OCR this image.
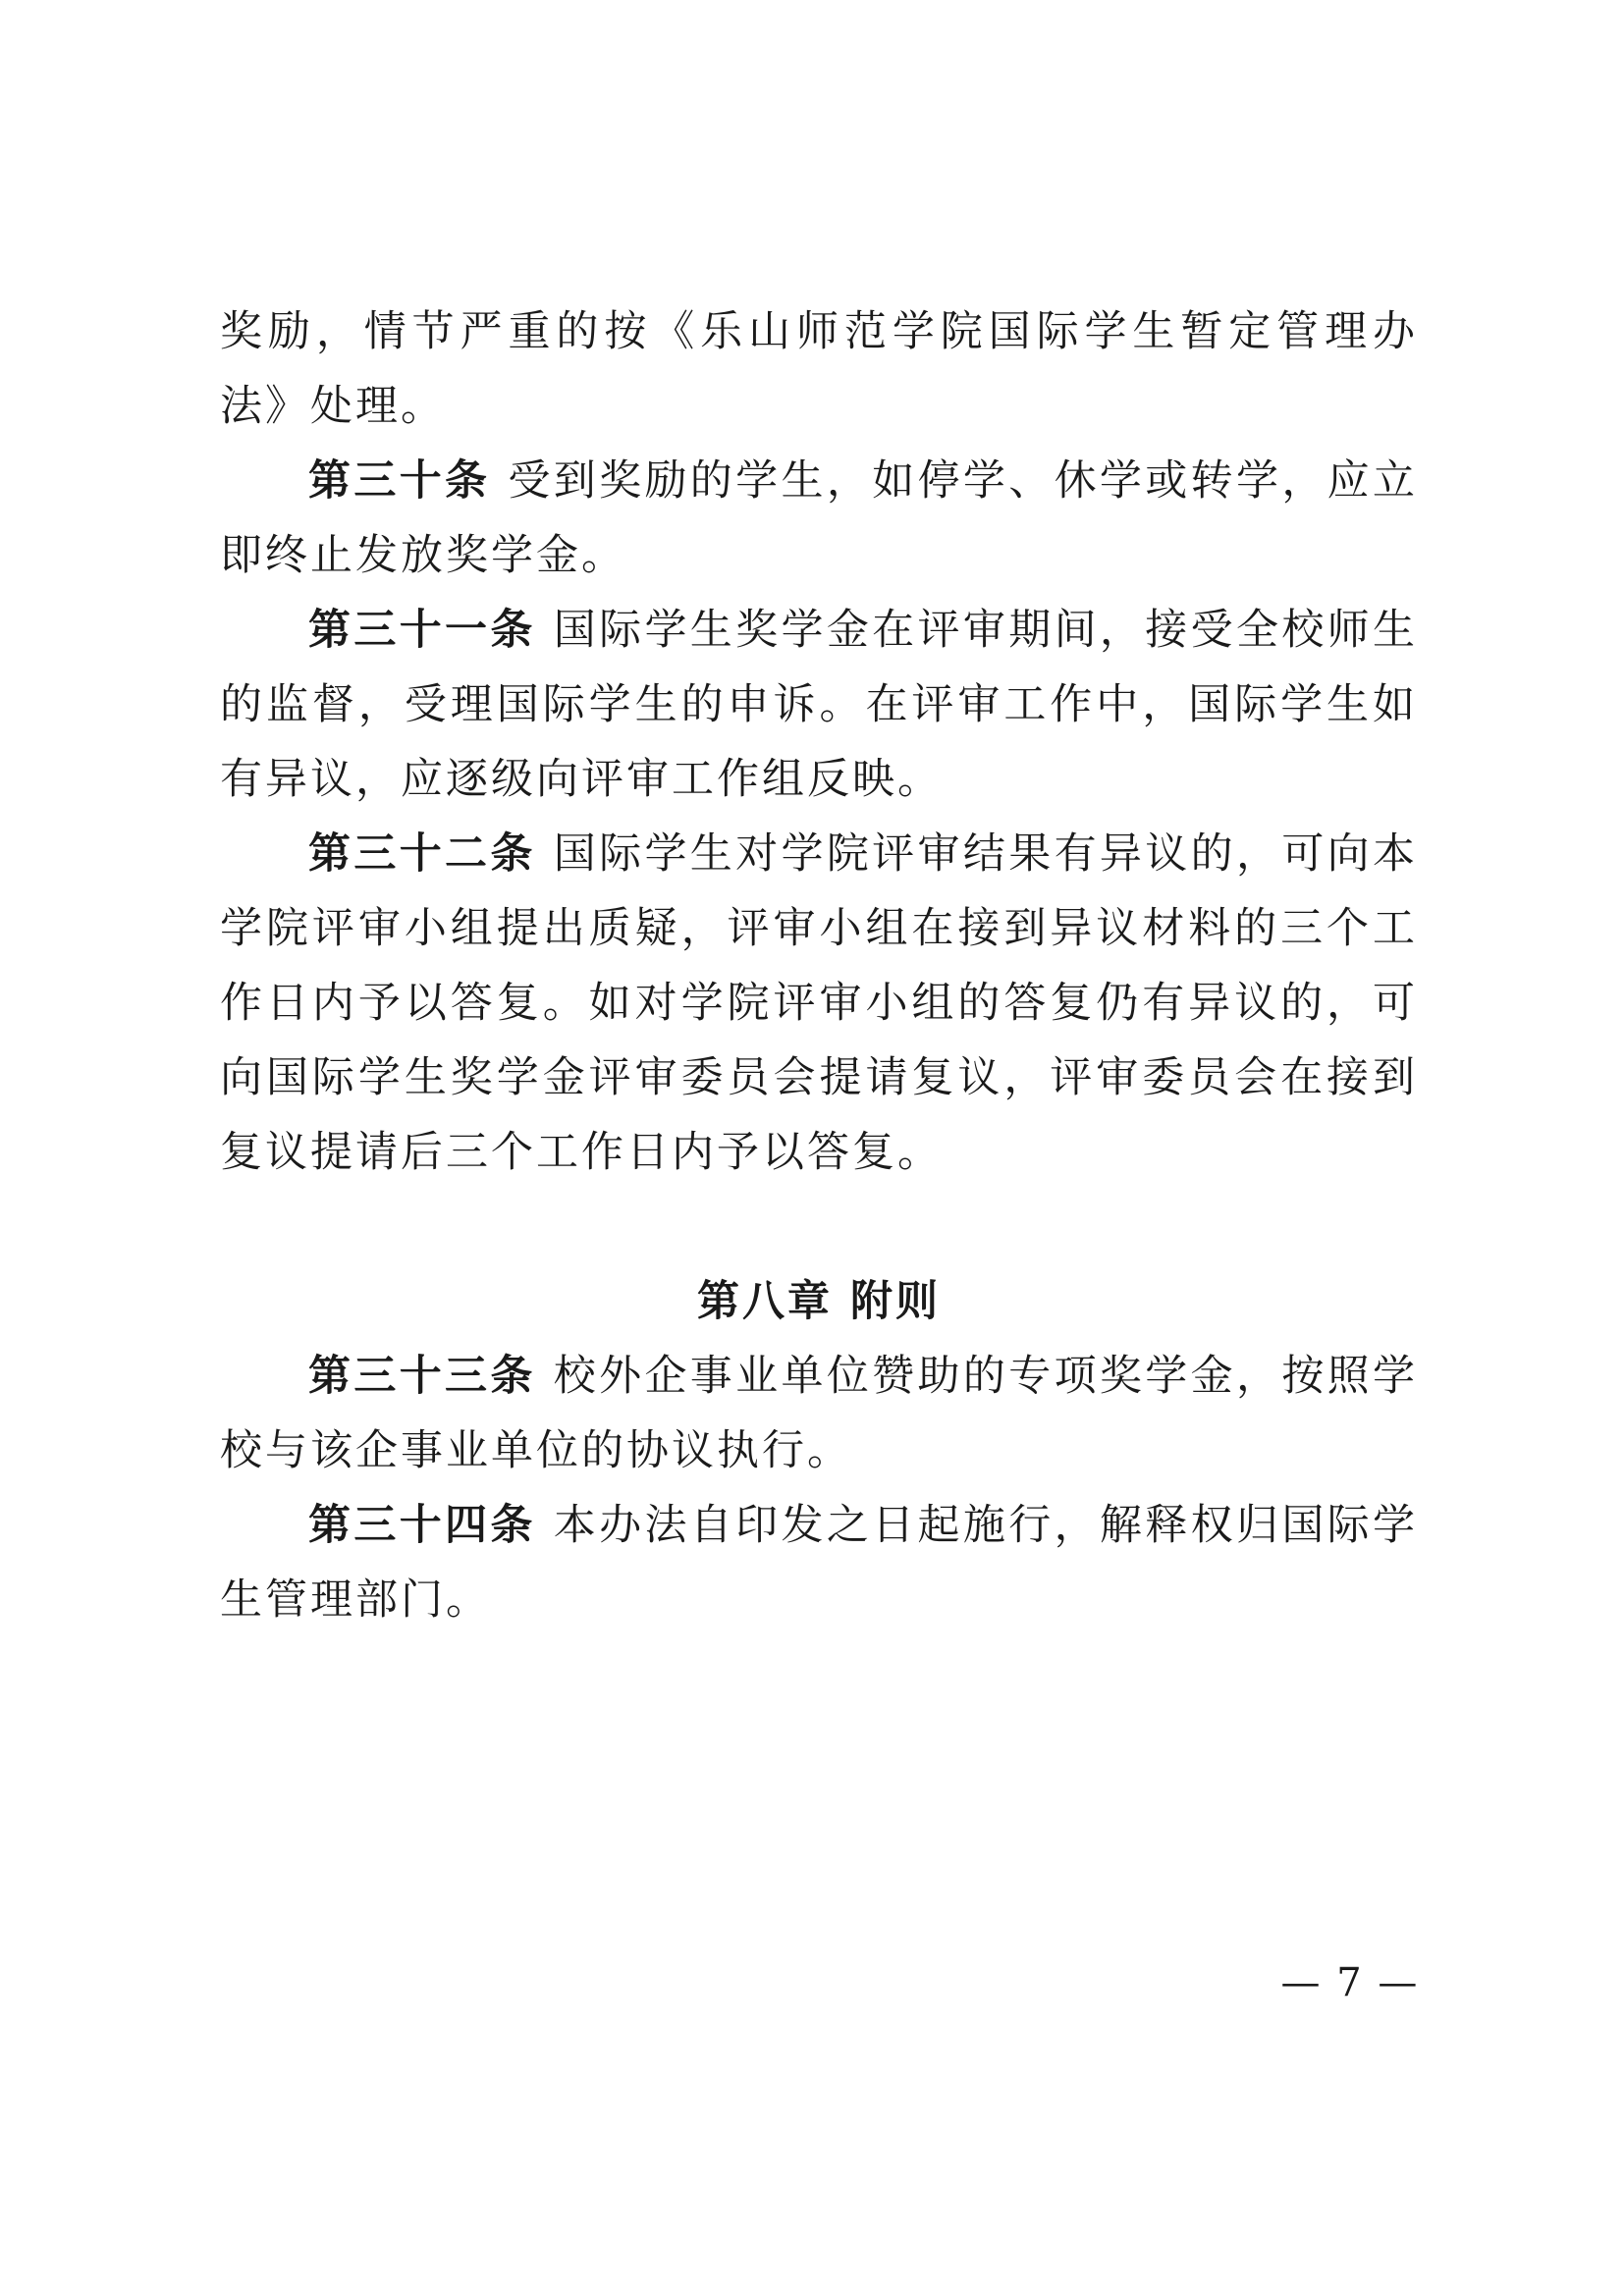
奖励，情节严重的按《乐山师范学院国际学生暂定管理办法》处理。

第三十条 受到奖励的学生，如停学、休学或转学，应立即终止发放奖学金。

第三十一条 国际学生奖学金在评审期间，接受全校师生的监督，受理国际学生的申诉。在评审工作中，国际学生如有异议，应逐级向评审工作组反映。

第三十二条 国际学生对学院评审结果有异议的，可向本学院评审小组提出质疑，评审小组在接到异议材料的三个工作日内予以答复。如对学院评审小组的答复仍有异议的，可向国际学生奖学金评审委员会提请复议，评审委员会在接到复议提请后三个工作日内予以答复。

第八章 附则

第三十三条 校外企事业单位赞助的专项奖学金，按照学校与该企事业单位的协议执行。

第三十四条 本办法自印发之日起施行，解释权归国际学生管理部门。

— 7 —
